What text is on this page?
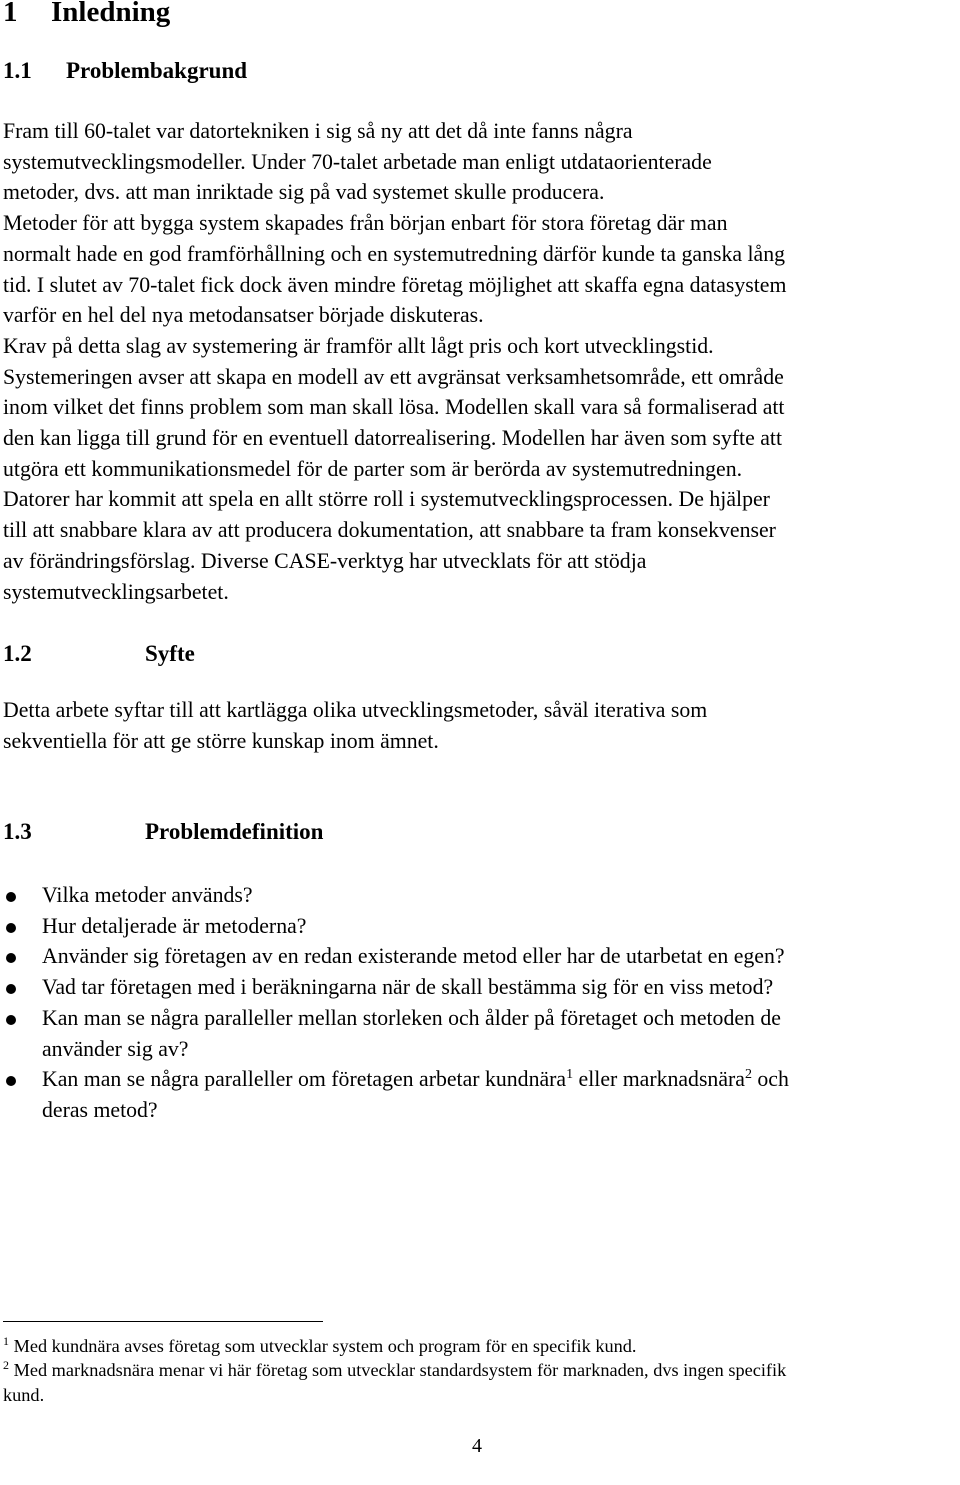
1 Inledning
1.1 Problembakgrund

Fram till 60-talet var datortekniken i sig så ny att det då inte fanns några
systemutvecklingsmodeller. Under 70-talet arbetade man enligt utdataorienterade
metoder, dvs. att man inriktade sig på vad systemet skulle producera.
Metoder för att bygga system skapades från början enbart för stora företag där man
normalt hade en god framförhållning och en systemutredning därför kunde ta ganska lång
tid. I slutet av 70-talet fick dock även mindre företag möjlighet att skaffa egna datasystem
varför en hel del nya metodansatser började diskuteras.
Krav på detta slag av systemering är framför allt lågt pris och kort utvecklingstid.
Systemeringen avser att skapa en modell av ett avgränsat verksamhetsområde, ett område
inom vilket det finns problem som man skall lösa. Modellen skall vara så formaliserad att
den kan ligga till grund för en eventuell datorrealisering. Modellen har även som syfte att
utgöra ett kommunikationsmedel för de parter som är berörda av systemutredningen.
Datorer har kommit att spela en allt större roll i systemutvecklingsprocessen. De hjälper
till att snabbare klara av att producera dokumentation, att snabbare ta fram konsekvenser
av förändringsförslag. Diverse CASE-verktyg har utvecklats för att stödja
systemutvecklingsarbetet.

1.2	Syfte

Detta arbete syftar till att kartlägga olika utvecklingsmetoder, såväl iterativa som
sekventiella för att ge större kunskap inom ämnet.

1.3	Problemdefinition
Vilka metoder används?
Hur detaljerade är metoderna?
Använder sig företagen av en redan existerande metod eller har de utarbetat en egen?
Vad tar företagen med i beräkningarna när de skall bestämma sig för en viss metod?
Kan man se några paralleller mellan storleken och ålder på företaget och metoden de
använder sig av?
Kan man se några paralleller om företagen arbetar kundnära$^1$ eller marknadsnära$^2$ och
deras metod?
$^1$ Med kundnära avses företag som utvecklar system och program för en specifik kund.
$^2$ Med marknadsnära menar vi här företag som utvecklar standardsystem för marknaden, dvs ingen specifik
kund.
4
